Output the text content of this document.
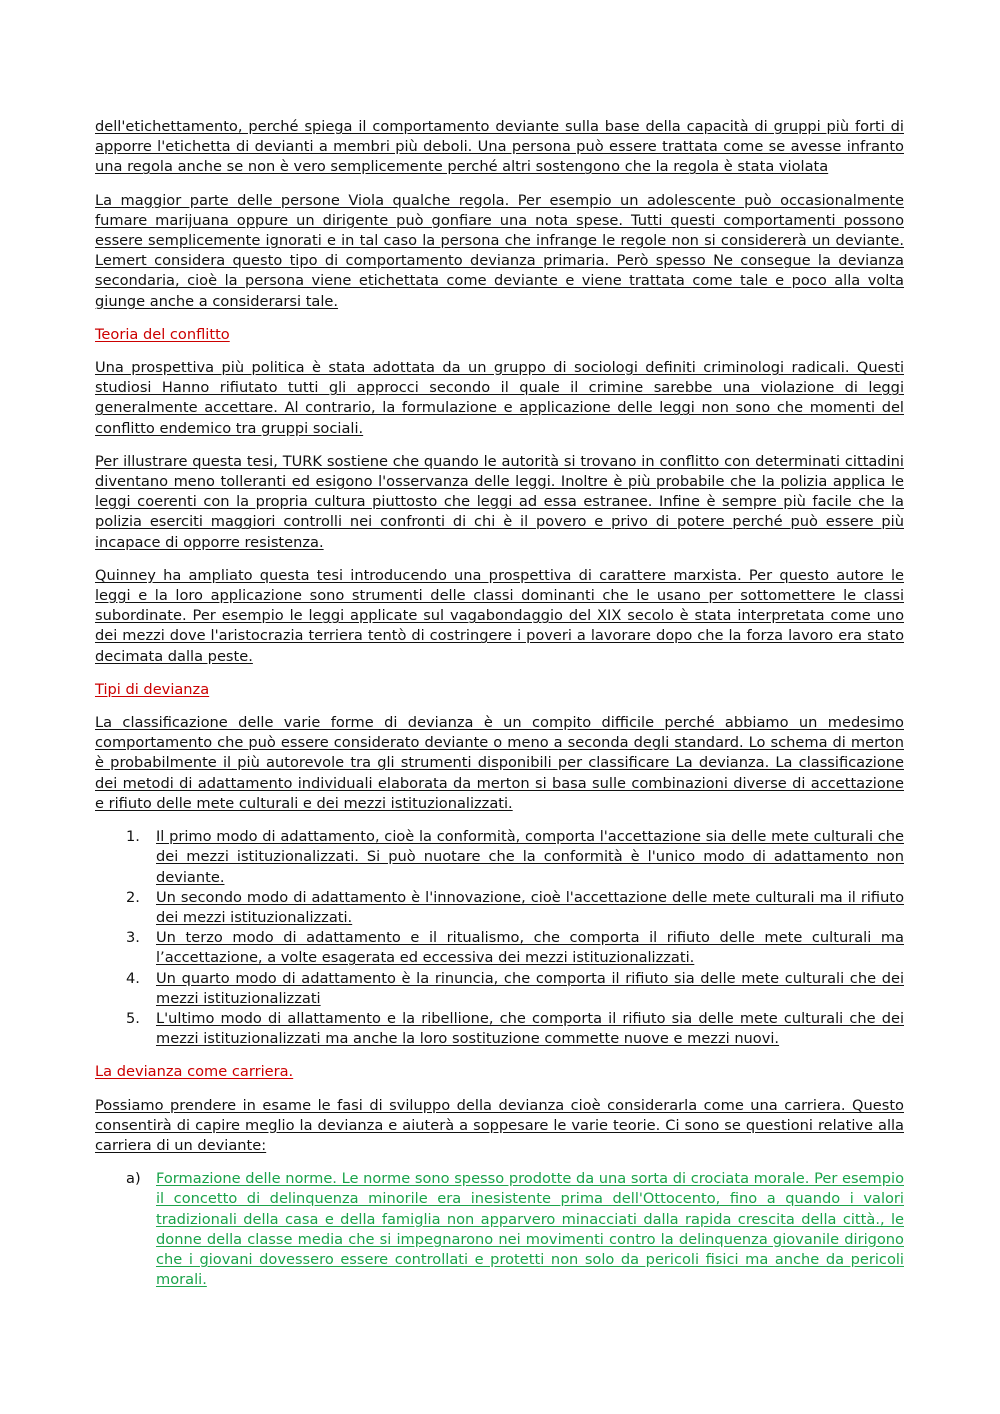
dell'etichettamento, perché spiega il comportamento deviante sulla base della capacità di gruppi più forti di apporre l'etichetta di devianti a membri più deboli. Una persona può essere trattata come se avesse infranto una regola anche se non è vero semplicemente perché altri sostengono che la regola è stata violata

La maggior parte delle persone Viola qualche regola. Per esempio un adolescente può occasionalmente fumare marijuana oppure un dirigente può gonfiare una nota spese. Tutti questi comportamenti possono essere semplicemente ignorati e in tal caso la persona che infrange le regole non si considererà un deviante. Lemert considera questo tipo di comportamento devianza primaria. Però spesso Ne consegue la devianza secondaria, cioè la persona viene etichettata come deviante e viene trattata come tale e poco alla volta giunge anche a considerarsi tale.

Teoria del conflitto

Una prospettiva più politica è stata adottata da un gruppo di sociologi definiti criminologi radicali. Questi studiosi Hanno rifiutato tutti gli approcci secondo il quale il crimine sarebbe una violazione di leggi generalmente accettare. Al contrario, la formulazione e applicazione delle leggi non sono che momenti del conflitto endemico tra gruppi sociali.

Per illustrare questa tesi, TURK sostiene che quando le autorità si trovano in conflitto con determinati cittadini diventano meno tolleranti ed esigono l'osservanza delle leggi. Inoltre è più probabile che la polizia applica le leggi coerenti con la propria cultura piuttosto che leggi ad essa estranee. Infine è sempre più facile che la polizia eserciti maggiori controlli nei confronti di chi è il povero e privo di potere perché può essere più incapace di opporre resistenza.

Quinney ha ampliato questa tesi introducendo una prospettiva di carattere marxista. Per questo autore le leggi e la loro applicazione sono strumenti delle classi dominanti che le usano per sottomettere le classi subordinate. Per esempio le leggi applicate sul vagabondaggio del XIX secolo è stata interpretata come uno dei mezzi dove l'aristocrazia terriera tentò di costringere i poveri a lavorare dopo che la forza lavoro era stato decimata dalla peste.

Tipi di devianza

La classificazione delle varie forme di devianza è un compito difficile perché abbiamo un medesimo comportamento che può essere considerato deviante o meno a seconda degli standard. Lo schema di merton è probabilmente il più autorevole tra gli strumenti disponibili per classificare La devianza. La classificazione dei metodi di adattamento individuali elaborata da merton si basa sulle combinazioni diverse di accettazione e rifiuto delle mete culturali e dei mezzi istituzionalizzati.

1. Il primo modo di adattamento, cioè la conformità, comporta l'accettazione sia delle mete culturali che dei mezzi istituzionalizzati. Si può nuotare che la conformità è l'unico modo di adattamento non deviante.
2. Un secondo modo di adattamento è l'innovazione, cioè l'accettazione delle mete culturali ma il rifiuto dei mezzi istituzionalizzati.
3. Un terzo modo di adattamento e il ritualismo, che comporta il rifiuto delle mete culturali ma l’accettazione, a volte esagerata ed eccessiva dei mezzi istituzionalizzati.
4. Un quarto modo di adattamento è la rinuncia, che comporta il rifiuto sia delle mete culturali che dei mezzi istituzionalizzati
5. L'ultimo modo di allattamento e la ribellione, che comporta il rifiuto sia delle mete culturali che dei mezzi istituzionalizzati ma anche la loro sostituzione commette nuove e mezzi nuovi.

La devianza come carriera.

Possiamo prendere in esame le fasi di sviluppo della devianza cioè considerarla come una carriera. Questo consentirà di capire meglio la devianza e aiuterà a soppesare le varie teorie. Ci sono se questioni relative alla carriera di un deviante:

a) Formazione delle norme. Le norme sono spesso prodotte da una sorta di crociata morale. Per esempio il concetto di delinquenza minorile era inesistente prima dell'Ottocento, fino a quando i valori tradizionali della casa e della famiglia non apparvero minacciati dalla rapida crescita della città., le donne della classe media che si impegnarono nei movimenti contro la delinquenza giovanile dirigono che i giovani dovessero essere controllati e protetti non solo da pericoli fisici ma anche da pericoli morali.
